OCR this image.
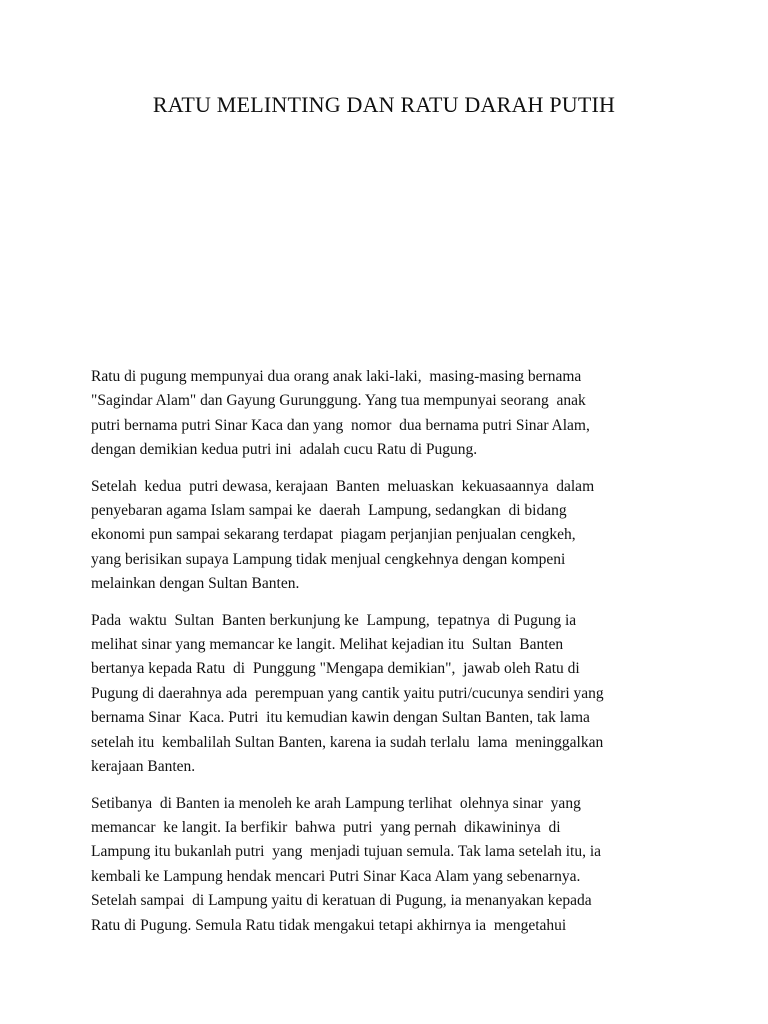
RATU MELINTING DAN RATU DARAH PUTIH

Ratu di pugung mempunyai dua orang anak laki-laki,  masing-masing bernama
"Sagindar Alam" dan Gayung Gurunggung. Yang tua mempunyai seorang  anak
putri bernama putri Sinar Kaca dan yang  nomor  dua bernama putri Sinar Alam,
dengan demikian kedua putri ini  adalah cucu Ratu di Pugung.

Setelah  kedua  putri dewasa, kerajaan  Banten  meluaskan  kekuasaannya  dalam
penyebaran agama Islam sampai ke  daerah  Lampung, sedangkan  di bidang
ekonomi pun sampai sekarang terdapat  piagam perjanjian penjualan cengkeh,
yang berisikan supaya Lampung tidak menjual cengkehnya dengan kompeni
melainkan dengan Sultan Banten.

Pada  waktu  Sultan  Banten berkunjung ke  Lampung,  tepatnya  di Pugung ia
melihat sinar yang memancar ke langit. Melihat kejadian itu  Sultan  Banten
bertanya kepada Ratu  di  Punggung "Mengapa demikian",  jawab oleh Ratu di
Pugung di daerahnya ada  perempuan yang cantik yaitu putri/cucunya sendiri yang
bernama Sinar  Kaca. Putri  itu kemudian kawin dengan Sultan Banten, tak lama
setelah itu  kembalilah Sultan Banten, karena ia sudah terlalu  lama  meninggalkan
kerajaan Banten.

Setibanya  di Banten ia menoleh ke arah Lampung terlihat  olehnya sinar  yang
memancar  ke langit. Ia berfikir  bahwa  putri  yang pernah  dikawininya  di
Lampung itu bukanlah putri  yang  menjadi tujuan semula. Tak lama setelah itu, ia
kembali ke Lampung hendak mencari Putri Sinar Kaca Alam yang sebenarnya.
Setelah sampai  di Lampung yaitu di keratuan di Pugung, ia menanyakan kepada
Ratu di Pugung. Semula Ratu tidak mengakui tetapi akhirnya ia  mengetahui
